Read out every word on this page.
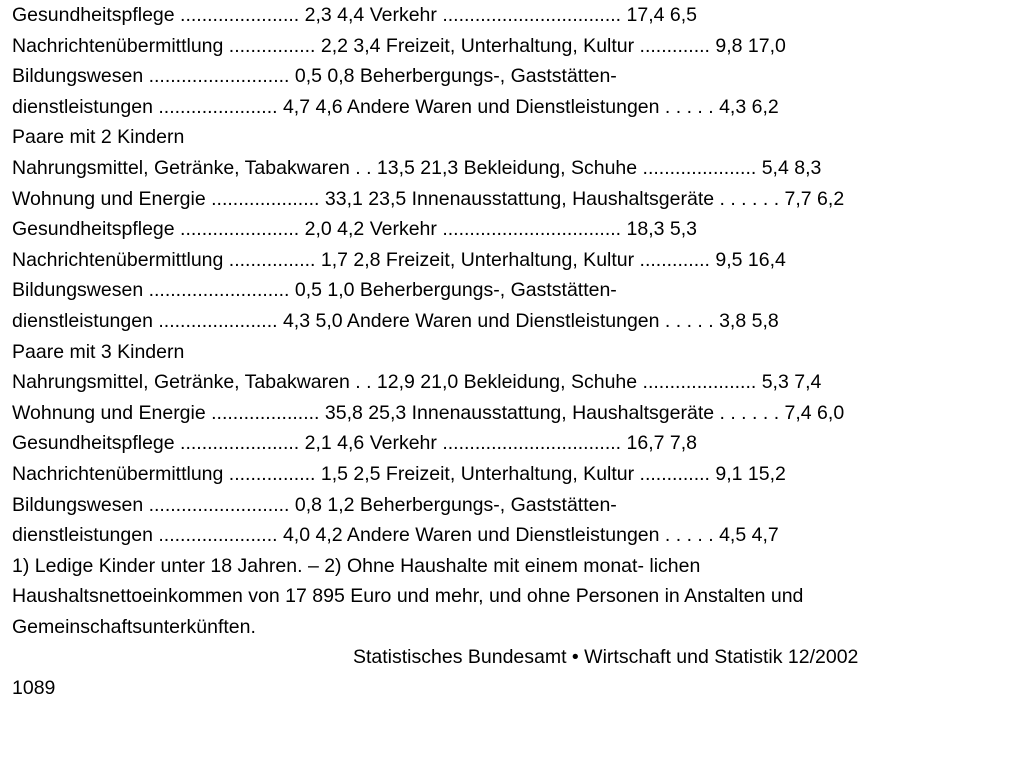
Gesundheitspflege ...................... 2,3 4,4 Verkehr ................................. 17,4 6,5
Nachrichtenübermittlung ................ 2,2 3,4 Freizeit, Unterhaltung, Kultur ............. 9,8 17,0
Bildungswesen .......................... 0,5 0,8 Beherbergungs-, Gaststätten-
dienstleistungen ...................... 4,7 4,6 Andere Waren und Dienstleistungen . . . . . 4,3 6,2
Paare mit 2 Kindern
Nahrungsmittel, Getränke, Tabakwaren . . 13,5 21,3 Bekleidung, Schuhe ..................... 5,4 8,3
Wohnung und Energie .................... 33,1 23,5 Innenausstattung, Haushaltsgeräte . . . . . . 7,7 6,2
Gesundheitspflege ...................... 2,0 4,2 Verkehr ................................. 18,3 5,3
Nachrichtenübermittlung ................ 1,7 2,8 Freizeit, Unterhaltung, Kultur ............. 9,5 16,4
Bildungswesen .......................... 0,5 1,0 Beherbergungs-, Gaststätten-
dienstleistungen ...................... 4,3 5,0 Andere Waren und Dienstleistungen . . . . . 3,8 5,8
Paare mit 3 Kindern
Nahrungsmittel, Getränke, Tabakwaren . . 12,9 21,0 Bekleidung, Schuhe ..................... 5,3 7,4
Wohnung und Energie .................... 35,8 25,3 Innenausstattung, Haushaltsgeräte . . . . . . 7,4 6,0
Gesundheitspflege ...................... 2,1 4,6 Verkehr ................................. 16,7 7,8
Nachrichtenübermittlung ................ 1,5 2,5 Freizeit, Unterhaltung, Kultur ............. 9,1 15,2
Bildungswesen .......................... 0,8 1,2 Beherbergungs-, Gaststätten-
dienstleistungen ...................... 4,0 4,2 Andere Waren und Dienstleistungen . . . . . 4,5 4,7
1) Ledige Kinder unter 18 Jahren. – 2) Ohne Haushalte mit einem monat- lichen
Haushaltsnettoeinkommen von 17 895 Euro und mehr, und ohne Personen in Anstalten und
Gemeinschaftsunterkünften.
Statistisches Bundesamt • Wirtschaft und Statistik 12/2002
1089
